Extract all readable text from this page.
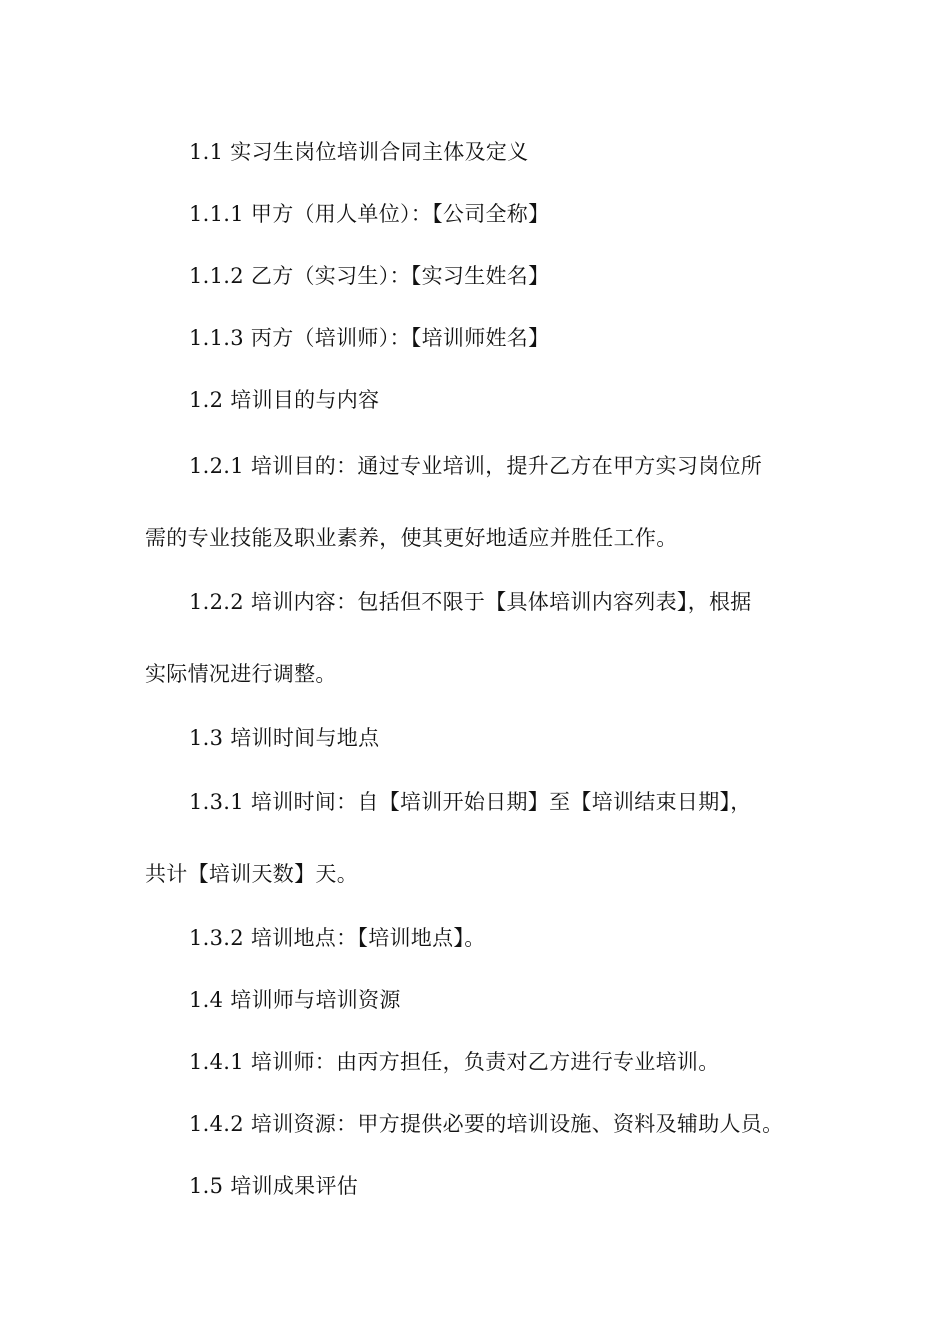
1.1 实习生岗位培训合同主体及定义
1.1.1 甲方（用人单位）：【公司全称】
1.1.2 乙方（实习生）：【实习生姓名】
1.1.3 丙方（培训师）：【培训师姓名】
1.2 培训目的与内容
1.2.1 培训目的：通过专业培训，提升乙方在甲方实习岗位所
需的专业技能及职业素养，使其更好地适应并胜任工作。
1.2.2 培训内容：包括但不限于【具体培训内容列表】，根据
实际情况进行调整。
1.3 培训时间与地点
1.3.1 培训时间：自【培训开始日期】至【培训结束日期】，
共计【培训天数】天。
1.3.2 培训地点：【培训地点】。
1.4 培训师与培训资源
1.4.1 培训师：由丙方担任，负责对乙方进行专业培训。
1.4.2 培训资源：甲方提供必要的培训设施、资料及辅助人员。
1.5 培训成果评估
